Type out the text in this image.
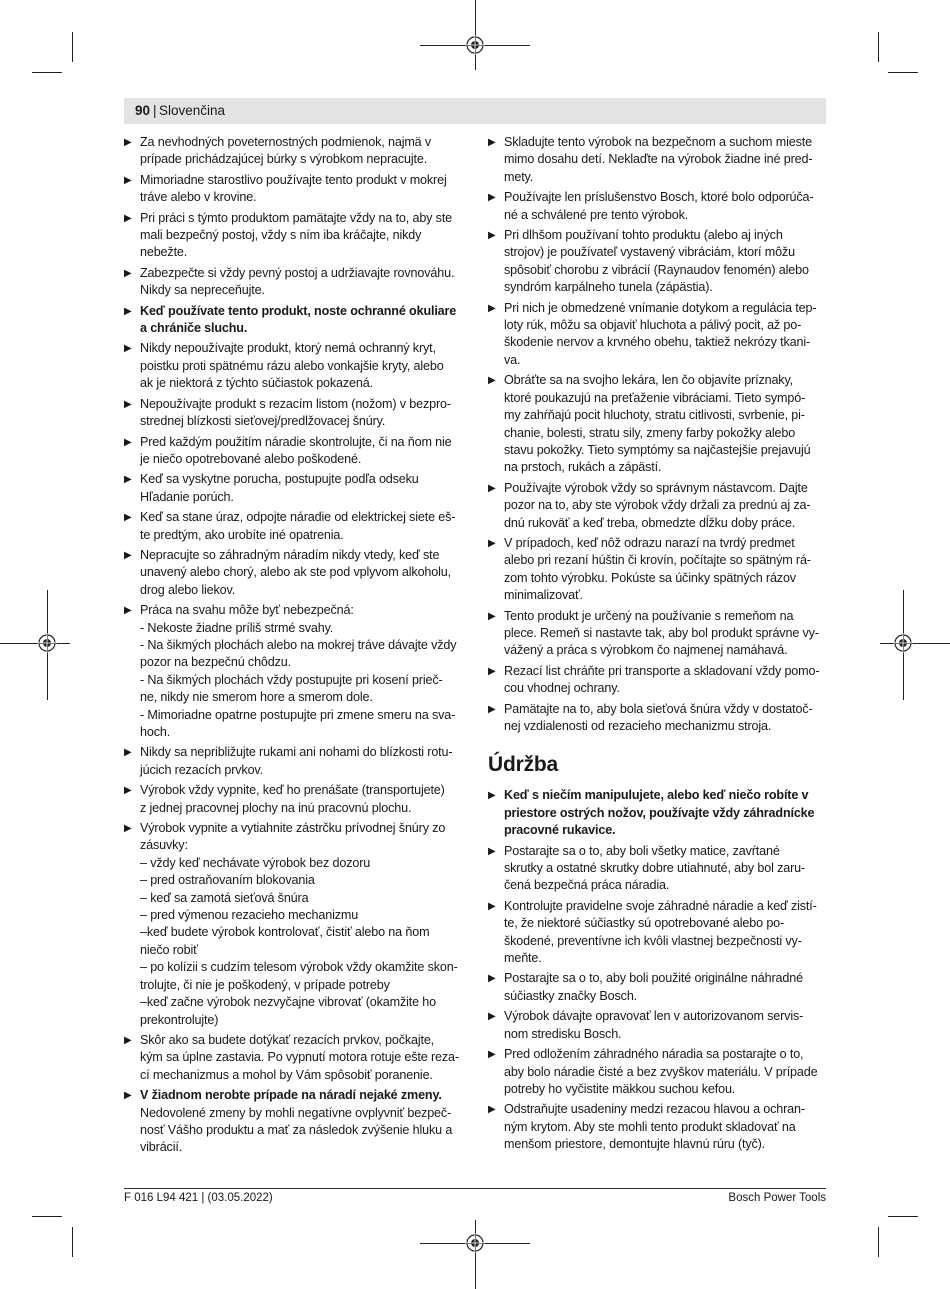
90 | Slovenčina
▶ Za nevhodných poveternostných podmienok, najmä v
prípade prichádzajúcej búrky s výrobkom nepracujte.
▶ Mimoriadne starostlivo používajte tento produkt v mokrej
tráve alebo v krovine.
▶ Pri práci s týmto produktom pamätajte vždy na to, aby ste
mali bezpečný postoj, vždy s ním iba kráčajte, nikdy
nebežte.
▶ Zabezpečte si vždy pevný postoj a udržiavajte rovnováhu.
Nikdy sa nepreceňujte.
▶ Keď používate tento produkt, noste ochranné okuliare
a chrániče sluchu.
▶ Nikdy nepoužívajte produkt, ktorý nemá ochranný kryt,
poistku proti spätnému rázu alebo vonkajšie kryty, alebo
ak je niektorá z týchto súčiastok pokazená.
▶ Nepoužívajte produkt s rezacím listom (nožom) v bezpro-
strednej blízkosti sieťovej/predlžovacej šnúry.
▶ Pred každým použitím náradie skontrolujte, či na ňom nie
je niečo opotrebované alebo poškodené.
▶ Keď sa vyskytne porucha, postupujte podľa odseku
Hľadanie porúch.
▶ Keď sa stane úraz, odpojte náradie od elektrickej siete eš-
te predtým, ako urobíte iné opatrenia.
▶ Nepracujte so záhradným náradím nikdy vtedy, keď ste
unavený alebo chorý, alebo ak ste pod vplyvom alkoholu,
drog alebo liekov.
▶ Práca na svahu môže byť nebezpečná:
- Nekoste žiadne príliš strmé svahy.
- Na šikmých plochách alebo na mokrej tráve dávajte vždy
pozor na bezpečnú chôdzu.
- Na šikmých plochách vždy postupujte pri kosení prieč-
ne, nikdy nie smerom hore a smerom dole.
- Mimoriadne opatrne postupujte pri zmene smeru na sva-
hoch.
▶ Nikdy sa nepribližujte rukami ani nohami do blízkosti rotu-
júcich rezacích prvkov.
▶ Výrobok vždy vypnite, keď ho prenášate (transportujete)
z jednej pracovnej plochy na inú pracovnú plochu.
▶ Výrobok vypnite a vytiahnite zástrčku prívodnej šnúry zo
zásuvky:
– vždy keď nechávate výrobok bez dozoru
– pred ostraňovaním blokovania
– keď sa zamotá sieťová šnúra
– pred výmenou rezacieho mechanizmu
–keď budete výrobok kontrolovať, čistiť alebo na ňom
niečo robiť
– po kolízii s cudzím telesom výrobok vždy okamžite skon-
trolujte, či nie je poškodený, v prípade potreby
–keď začne výrobok nezvyčajne vibrovať (okamžite ho
prekontrolujte)
▶ Skôr ako sa budete dotýkať rezacích prvkov, počkajte,
kým sa úplne zastavia. Po vypnutí motora rotuje ešte reza-
cí mechanizmus a mohol by Vám spôsobiť poranenie.
▶ V žiadnom nerobte prípade na náradí nejaké zmeny.
Nedovolené zmeny by mohli negatívne ovplyvniť bezpeč-
nosť Vášho produktu a mať za následok zvýšenie hluku a
vibrácií.
▶ Skladujte tento výrobok na bezpečnom a suchom mieste
mimo dosahu detí. Neklaďte na výrobok žiadne iné pred-
mety.
▶ Používajte len príslušenstvo Bosch, ktoré bolo odporúča-
né a schválené pre tento výrobok.
▶ Pri dlhšom používaní tohto produktu (alebo aj iných
strojov) je používateľ vystavený vibráciám, ktorí môžu
spôsobiť chorobu z vibrácií (Raynaudov fenomén) alebo
syndróm karpálneho tunela (zápästia).
▶ Pri nich je obmedzené vnímanie dotykom a regulácia tep-
loty rúk, môžu sa objaviť hluchota a pálivý pocit, až po-
škodenie nervov a krvného obehu, taktiež nekrózy tkani-
va.
▶ Obráťte sa na svojho lekára, len čo objavíte príznaky,
ktoré poukazujú na preťaženie vibráciami. Tieto sympó-
my zahŕňajú pocit hluchoty, stratu citlivosti, svrbenie, pi-
chanie, bolesti, stratu sily, zmeny farby pokožky alebo
stavu pokožky. Tieto symptómy sa najčastejšie prejavujú
na prstoch, rukách a zápästí.
▶ Používajte výrobok vždy so správnym nástavcom. Dajte
pozor na to, aby ste výrobok vždy držali za prednú aj za-
dnú rukoväť a keď treba, obmedzte dĺžku doby práce.
▶ V prípadoch, keď nôž odrazu narazí na tvrdý predmet
alebo pri rezaní húštin či krovín, počítajte so spätným rá-
zom tohto výrobku. Pokúste sa účinky spätných rázov
minimalizovať.
▶ Tento produkt je určený na používanie s remeňom na
plece. Remeň si nastavte tak, aby bol produkt správne vy-
vážený a práca s výrobkom čo najmenej namáhavá.
▶ Rezací list chráňte pri transporte a skladovaní vždy pomo-
cou vhodnej ochrany.
▶ Pamätajte na to, aby bola sieťová šnúra vždy v dostatoč-
nej vzdialenosti od rezacieho mechanizmu stroja.
Údržba
▶ Keď s niečím manipulujete, alebo keď niečo robíte v
priestore ostrých nožov, používajte vždy záhradnícke
pracovné rukavice.
▶ Postarajte sa o to, aby boli všetky matice, zavŕtané
skrutky a ostatné skrutky dobre utiahnuté, aby bol zaru-
čená bezpečná práca náradia.
▶ Kontrolujte pravidelne svoje záhradné náradie a keď zistí-
te, že niektoré súčiastky sú opotrebované alebo po-
škodené, preventívne ich kvôli vlastnej bezpečnosti vy-
meňte.
▶ Postarajte sa o to, aby boli použité originálne náhradné
súčiastky značky Bosch.
▶ Výrobok dávajte opravovať len v autorizovanom servis-
nom stredisku Bosch.
▶ Pred odložením záhradného náradia sa postarajte o to,
aby bolo náradie čisté a bez zvyškov materiálu. V prípade
potreby ho vyčistite mäkkou suchou kefou.
▶ Odstraňujte usadeniny medzi rezacou hlavou a ochran-
ným krytom. Aby ste mohli tento produkt skladovať na
menšom priestore, demontujte hlavnú rúru (tyč).
F 016 L94 421 | (03.05.2022)	Bosch Power Tools
